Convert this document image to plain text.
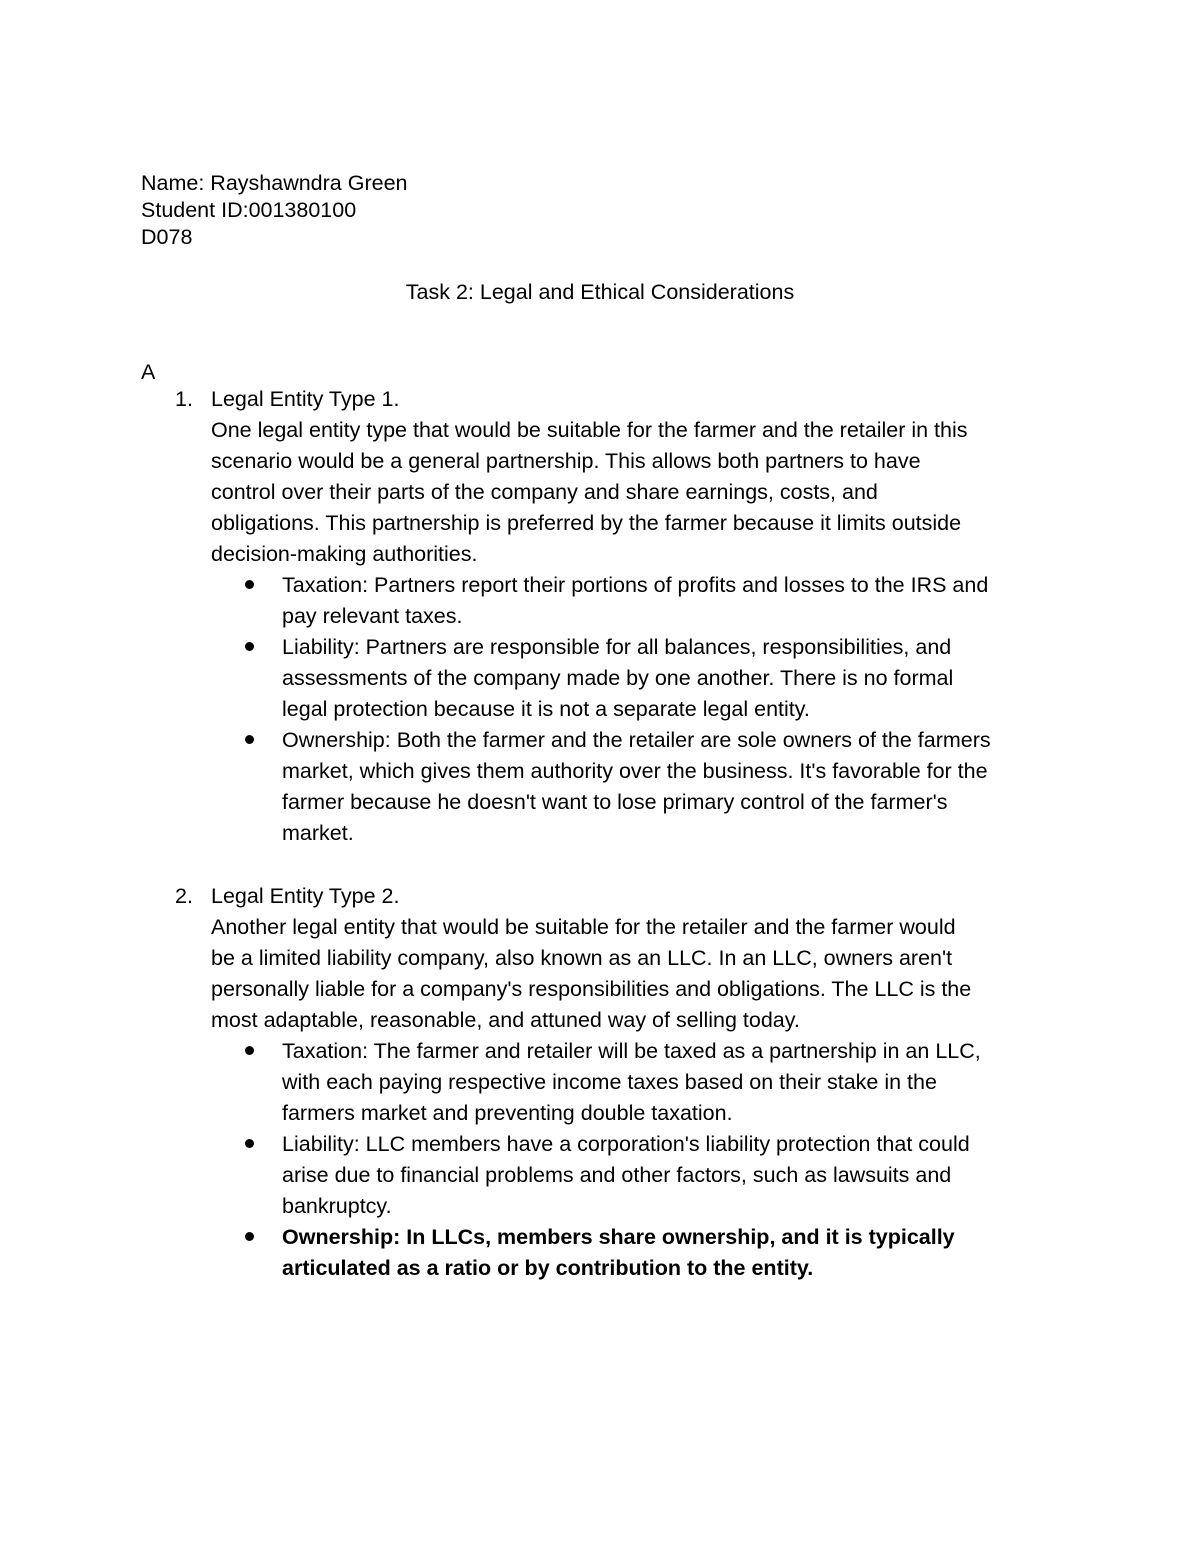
Name: Rayshawndra Green

Student ID:001380100

D078

Task 2: Legal and Ethical Considerations

A

1. Legal Entity Type 1.

One legal entity type that would be suitable for the farmer and the retailer in this

scenario would be a general partnership. This allows both partners to have

control over their parts of the company and share earnings, costs, and

obligations. This partnership is preferred by the farmer because it limits outside

decision-making authorities.

Taxation: Partners report their portions of profits and losses to the IRS and

pay relevant taxes.

Liability: Partners are responsible for all balances, responsibilities, and

assessments of the company made by one another. There is no formal

legal protection because it is not a separate legal entity.

Ownership: Both the farmer and the retailer are sole owners of the farmers

market, which gives them authority over the business. It's favorable for the

farmer because he doesn't want to lose primary control of the farmer's

market.

2. Legal Entity Type 2.

Another legal entity that would be suitable for the retailer and the farmer would

be a limited liability company, also known as an LLC. In an LLC, owners aren't

personally liable for a company's responsibilities and obligations. The LLC is the

most adaptable, reasonable, and attuned way of selling today.

Taxation: The farmer and retailer will be taxed as a partnership in an LLC,

with each paying respective income taxes based on their stake in the

farmers market and preventing double taxation.

Liability: LLC members have a corporation's liability protection that could

arise due to financial problems and other factors, such as lawsuits and

bankruptcy.

Ownership: In LLCs, members share ownership, and it is typically

articulated as a ratio or by contribution to the entity.
